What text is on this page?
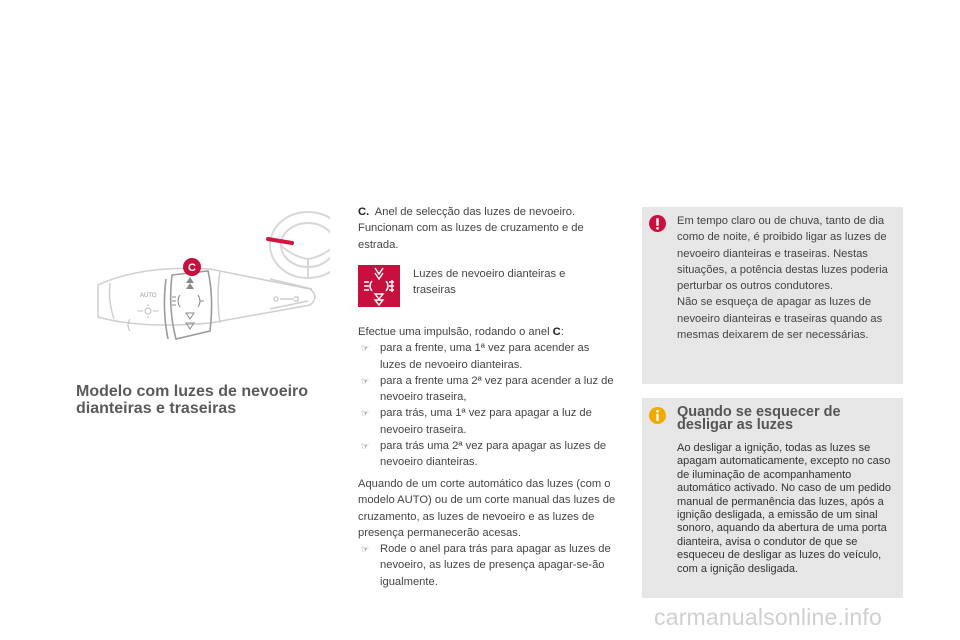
AUTO
C
Modelo com luzes de nevoeiro dianteiras e traseiras
C. Anel de selecção das luzes de nevoeiro. Funcionam com as luzes de cruzamento e de estrada.
Luzes de nevoeiro dianteiras e traseiras
Efectue uma impulsão, rodando o anel C:
☞ para a frente, uma 1ª vez para acender as luzes de nevoeiro dianteiras.
☞ para a frente uma 2ª vez para acender a luz de nevoeiro traseira,
☞ para trás, uma 1ª vez para apagar a luz de nevoeiro traseira.
☞ para trás uma 2ª vez para apagar as luzes de nevoeiro dianteiras.
Aquando de um corte automático das luzes (com o modelo AUTO) ou de um corte manual das luzes de cruzamento, as luzes de nevoeiro e as luzes de presença permanecerão acesas.
☞ Rode o anel para trás para apagar as luzes de nevoeiro, as luzes de presença apagar-se-ão igualmente.
Em tempo claro ou de chuva, tanto de dia como de noite, é proibido ligar as luzes de nevoeiro dianteiras e traseiras. Nestas situações, a potência destas luzes poderia perturbar os outros condutores.
Não se esqueça de apagar as luzes de nevoeiro dianteiras e traseiras quando as mesmas deixarem de ser necessárias.
Quando se esquecer de desligar as luzes
Ao desligar a ignição, todas as luzes se apagam automaticamente, excepto no caso de iluminação de acompanhamento automático activado. No caso de um pedido manual de permanência das luzes, após a ignição desligada, a emissão de um sinal sonoro, aquando da abertura de uma porta dianteira, avisa o condutor de que se esqueceu de desligar as luzes do veículo, com a ignição desligada.
carmanualsonline.info
